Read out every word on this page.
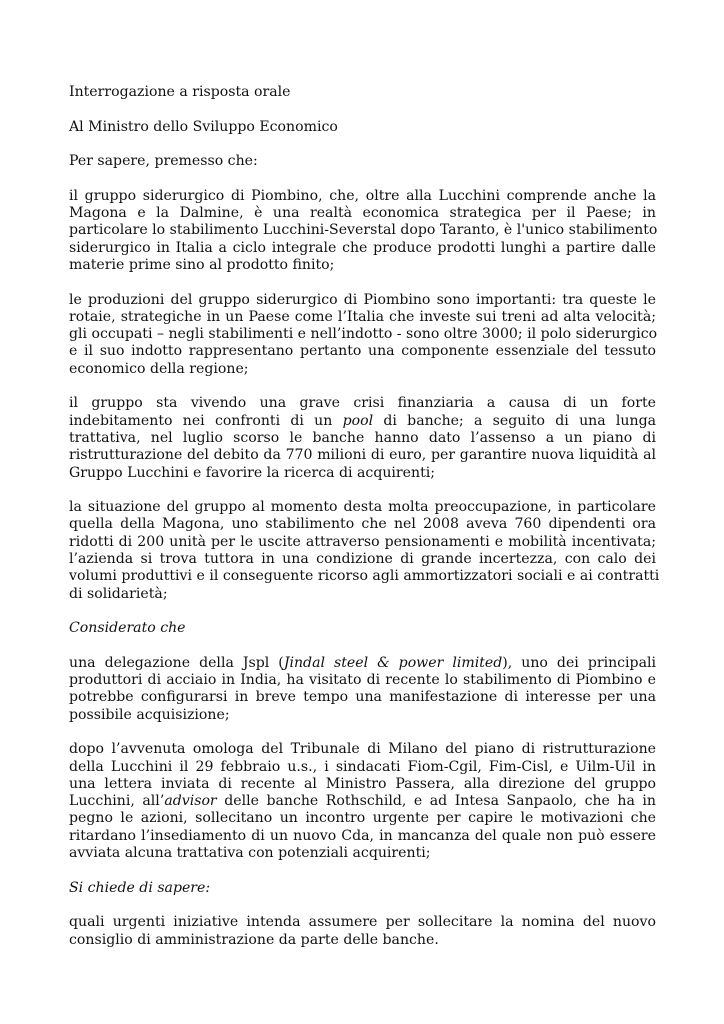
Interrogazione a risposta orale

Al Ministro dello Sviluppo Economico

Per sapere, premesso che:

il gruppo siderurgico di Piombino, che, oltre alla Lucchini comprende anche la
Magona e la Dalmine, è una realtà economica strategica per il Paese; in
particolare lo stabilimento Lucchini-Severstal dopo Taranto, è l'unico stabilimento
siderurgico in Italia a ciclo integrale che produce prodotti lunghi a partire dalle
materie prime sino al prodotto finito;

le produzioni del gruppo siderurgico di Piombino sono importanti: tra queste le
rotaie, strategiche in un Paese come l’Italia che investe sui treni ad alta velocità;
gli occupati – negli stabilimenti e nell’indotto - sono oltre 3000; il polo siderurgico
e il suo indotto rappresentano pertanto una componente essenziale del tessuto
economico della regione;

il gruppo sta vivendo una grave crisi finanziaria a causa di un forte
indebitamento nei confronti di un pool di banche; a seguito di una lunga
trattativa, nel luglio scorso le banche hanno dato l’assenso a un piano di
ristrutturazione del debito da 770 milioni di euro, per garantire nuova liquidità al
Gruppo Lucchini e favorire la ricerca di acquirenti;

la situazione del gruppo al momento desta molta preoccupazione, in particolare
quella della Magona, uno stabilimento che nel 2008 aveva 760 dipendenti ora
ridotti di 200 unità per le uscite attraverso pensionamenti e mobilità incentivata;
l’azienda si trova tuttora in una condizione di grande incertezza, con calo dei
volumi produttivi e il conseguente ricorso agli ammortizzatori sociali e ai contratti
di solidarietà;

Considerato che

una delegazione della Jspl (Jindal steel & power limited), uno dei principali
produttori di acciaio in India, ha visitato di recente lo stabilimento di Piombino e
potrebbe configurarsi in breve tempo una manifestazione di interesse per una
possibile acquisizione;

dopo l’avvenuta omologa del Tribunale di Milano del piano di ristrutturazione
della Lucchini il 29 febbraio u.s., i sindacati Fiom-Cgil, Fim-Cisl, e Uilm-Uil in
una lettera inviata di recente al Ministro Passera, alla direzione del gruppo
Lucchini, all’advisor delle banche Rothschild, e ad Intesa Sanpaolo, che ha in
pegno le azioni, sollecitano un incontro urgente per capire le motivazioni che
ritardano l’insediamento di un nuovo Cda, in mancanza del quale non può essere
avviata alcuna trattativa con potenziali acquirenti;

Si chiede di sapere:

quali urgenti iniziative intenda assumere per sollecitare la nomina del nuovo
consiglio di amministrazione da parte delle banche.
